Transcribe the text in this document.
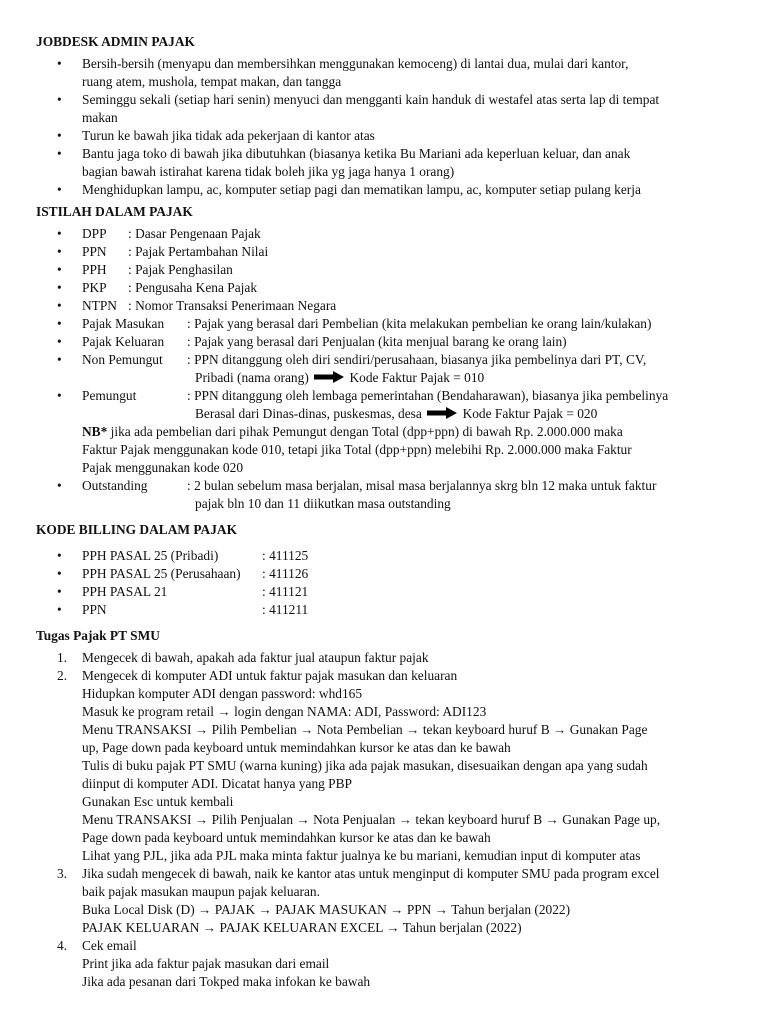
JOBDESK ADMIN PAJAK
• Bersih-bersih (menyapu dan membersihkan menggunakan kemoceng) di lantai dua, mulai dari kantor,
ruang atem, mushola, tempat makan, dan tangga
• Seminggu sekali (setiap hari senin) menyuci dan mengganti kain handuk di westafel atas serta lap di tempat
makan
• Turun ke bawah jika tidak ada pekerjaan di kantor atas
• Bantu jaga toko di bawah jika dibutuhkan (biasanya ketika Bu Mariani ada keperluan keluar, dan anak
bagian bawah istirahat karena tidak boleh jika yg jaga hanya 1 orang)
• Menghidupkan lampu, ac, komputer setiap pagi dan mematikan lampu, ac, komputer setiap pulang kerja
ISTILAH DALAM PAJAK
• DPP	: Dasar Pengenaan Pajak
• PPN	: Pajak Pertambahan Nilai
• PPH	: Pajak Penghasilan
• PKP	: Pengusaha Kena Pajak
• NTPN : Nomor Transaksi Penerimaan Negara
• Pajak Masukan	: Pajak yang berasal dari Pembelian (kita melakukan pembelian ke orang lain/kulakan)
• Pajak Keluaran	: Pajak yang berasal dari Penjualan (kita menjual barang ke orang lain)
• Non Pemungut	: PPN ditanggung oleh diri sendiri/perusahaan, biasanya jika pembelinya dari PT, CV,
Pribadi (nama orang)	Kode Faktur Pajak = 010
• Pemungut	: PPN ditanggung oleh lembaga pemerintahan (Bendaharawan), biasanya jika pembelinya
Berasal dari Dinas-dinas, puskesmas, desa	Kode Faktur Pajak = 020
NB* jika ada pembelian dari pihak Pemungut dengan Total (dpp+ppn) di bawah Rp. 2.000.000 maka
Faktur Pajak menggunakan kode 010, tetapi jika Total (dpp+ppn) melebihi Rp. 2.000.000 maka Faktur
Pajak menggunakan kode 020
• Outstanding	: 2 bulan sebelum masa berjalan, misal masa berjalannya skrg bln 12 maka untuk faktur
pajak bln 10 dan 11 diikutkan masa outstanding
KODE BILLING DALAM PAJAK
• PPH PASAL 25 (Pribadi)	: 411125
• PPH PASAL 25 (Perusahaan)	: 411126
• PPH PASAL 21	: 411121
• PPN	: 411211
Tugas Pajak PT SMU
1. Mengecek di bawah, apakah ada faktur jual ataupun faktur pajak
2. Mengecek di komputer ADI untuk faktur pajak masukan dan keluaran
Hidupkan komputer ADI dengan password: whd165
Masuk ke program retail → login dengan NAMA: ADI, Password: ADI123
Menu TRANSAKSI → Pilih Pembelian → Nota Pembelian → tekan keyboard huruf B → Gunakan Page
up, Page down pada keyboard untuk memindahkan kursor ke atas dan ke bawah
Tulis di buku pajak PT SMU (warna kuning) jika ada pajak masukan, disesuaikan dengan apa yang sudah
diinput di komputer ADI. Dicatat hanya yang PBP
Gunakan Esc untuk kembali
Menu TRANSAKSI → Pilih Penjualan → Nota Penjualan → tekan keyboard huruf B → Gunakan Page up,
Page down pada keyboard untuk memindahkan kursor ke atas dan ke bawah
Lihat yang PJL, jika ada PJL maka minta faktur jualnya ke bu mariani, kemudian input di komputer atas
3. Jika sudah mengecek di bawah, naik ke kantor atas untuk menginput di komputer SMU pada program excel
baik pajak masukan maupun pajak keluaran.
Buka Local Disk (D) → PAJAK → PAJAK MASUKAN → PPN → Tahun berjalan (2022)
PAJAK KELUARAN → PAJAK KELUARAN EXCEL → Tahun berjalan (2022)
4. Cek email
Print jika ada faktur pajak masukan dari email
Jika ada pesanan dari Tokped maka infokan ke bawah
